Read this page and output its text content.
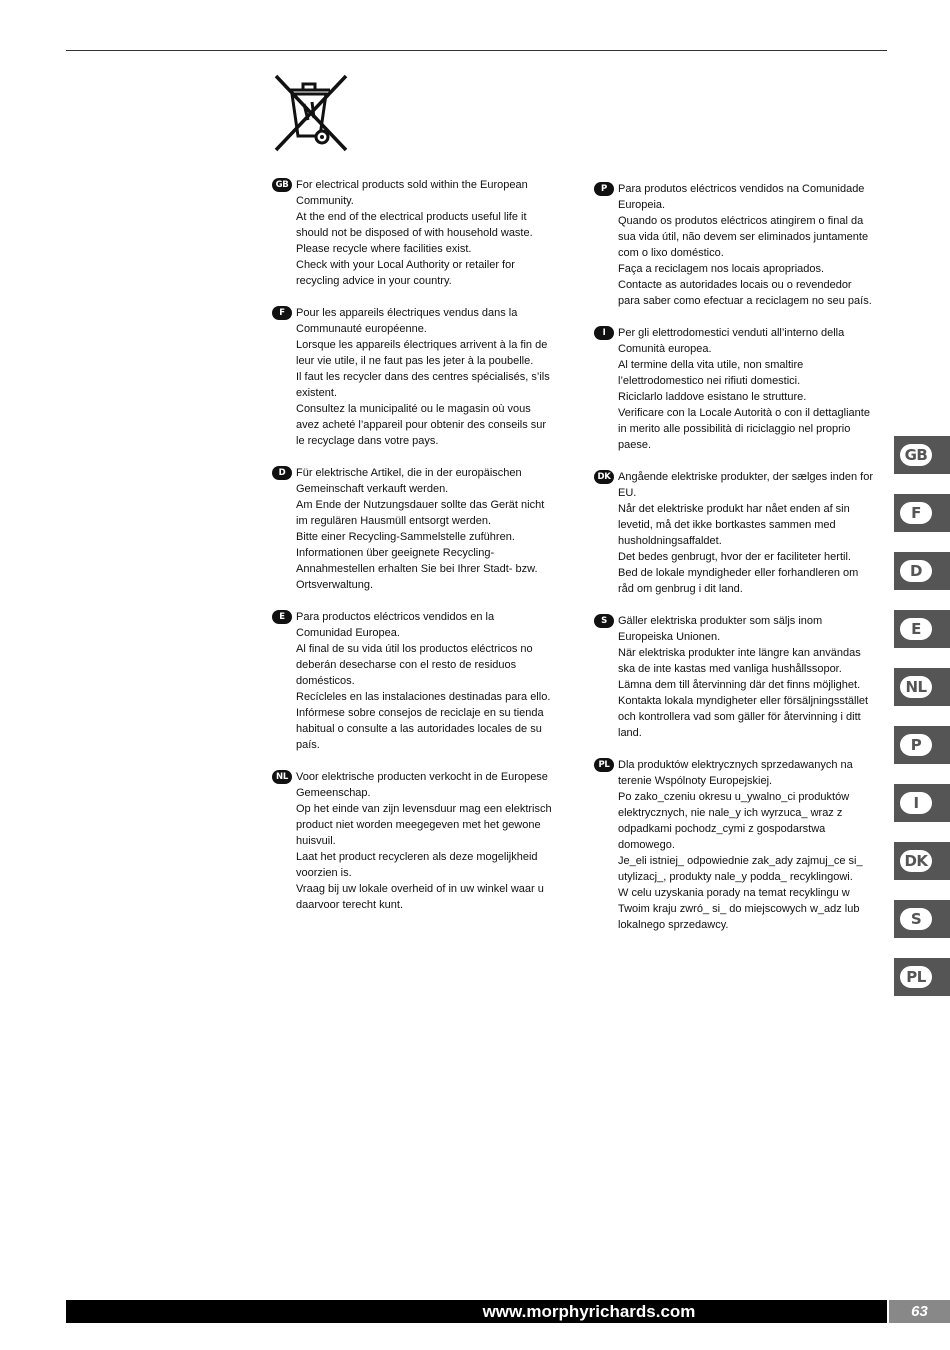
GB For electrical products sold within the European
Community.
At the end of the electrical products useful life it
should not be disposed of with household waste.
Please recycle where facilities exist.
Check with your Local Authority or retailer for
recycling advice in your country.

F	Pour les appareils électriques vendus dans la
Communauté européenne.
Lorsque les appareils électriques arrivent à la fin de
leur vie utile, il ne faut pas les jeter à la poubelle.
Il faut les recycler dans des centres spécialisés, s’ils
existent.
Consultez la municipalité ou le magasin où vous
avez acheté l’appareil pour obtenir des conseils sur
le recyclage dans votre pays.

D Für elektrische Artikel, die in der europäischen
Gemeinschaft verkauft werden.
Am Ende der Nutzungsdauer sollte das Gerät nicht
im regulären Hausmüll entsorgt werden.
Bitte einer Recycling-Sammelstelle zuführen.
Informationen über geeignete Recycling-
Annahmestellen erhalten Sie bei Ihrer Stadt- bzw.
Ortsverwaltung.

E	Para productos eléctricos vendidos en la
Comunidad Europea.
Al final de su vida útil los productos eléctricos no
deberán desecharse con el resto de residuos
domésticos.
Recícleles en las instalaciones destinadas para ello.
Infórmese sobre consejos de reciclaje en su tienda
habitual o consulte a las autoridades locales de su
país.

NL Voor elektrische producten verkocht in de Europese
Gemeenschap.
Op het einde van zijn levensduur mag een elektrisch
product niet worden meegegeven met het gewone
huisvuil.
Laat het product recycleren als deze mogelijkheid
voorzien is.
Vraag bij uw lokale overheid of in uw winkel waar u
daarvoor terecht kunt.

P	Para produtos eléctricos vendidos na Comunidade
Europeia.
Quando os produtos eléctricos atingirem o final da
sua vida útil, não devem ser eliminados juntamente
com o lixo doméstico.
Faça a reciclagem nos locais apropriados.
Contacte as autoridades locais ou o revendedor
para saber como efectuar a reciclagem no seu país.

I	Per gli elettrodomestici venduti all’interno della
Comunità europea.
Al termine della vita utile, non smaltire
l’elettrodomestico nei rifiuti domestici.
Riciclarlo laddove esistano le strutture.
Verificare con la Locale Autorità o con il dettagliante
in merito alle possibilità di riciclaggio nel proprio
paese.

DK Angående elektriske produkter, der sælges inden for
EU.
Når det elektriske produkt har nået enden af sin
levetid, må det ikke bortkastes sammen med
husholdningsaffaldet.
Det bedes genbrugt, hvor der er faciliteter hertil.
Bed de lokale myndigheder eller forhandleren om
råd om genbrug i dit land.

S	Gäller elektriska produkter som säljs inom
Europeiska Unionen.
När elektriska produkter inte längre kan användas
ska de inte kastas med vanliga hushållssopor.
Lämna dem till återvinning där det finns möjlighet.
Kontakta lokala myndigheter eller försäljningsstället
och kontrollera vad som gäller för återvinning i ditt
land.

PL Dla produktów elektrycznych sprzedawanych na
terenie Wspólnoty Europejskiej.
Po zako_czeniu okresu u_ywalno_ci produktów
elektrycznych, nie nale_y ich wyrzuca_ wraz z
odpadkami pochodz_cymi z gospodarstwa
domowego.
Je_eli istniej_ odpowiednie zak_ady zajmuj_ce si_
utylizacj_, produkty nale_y podda_ recyklingowi.
W celu uzyskania porady na temat recyklingu w
Twoim kraju zwró_ si_ do miejscowych w_adz lub
lokalnego sprzedawcy.

GB
F
D
E
NL
P
I
DK
S
PL
www.morphyrichards.com	63
